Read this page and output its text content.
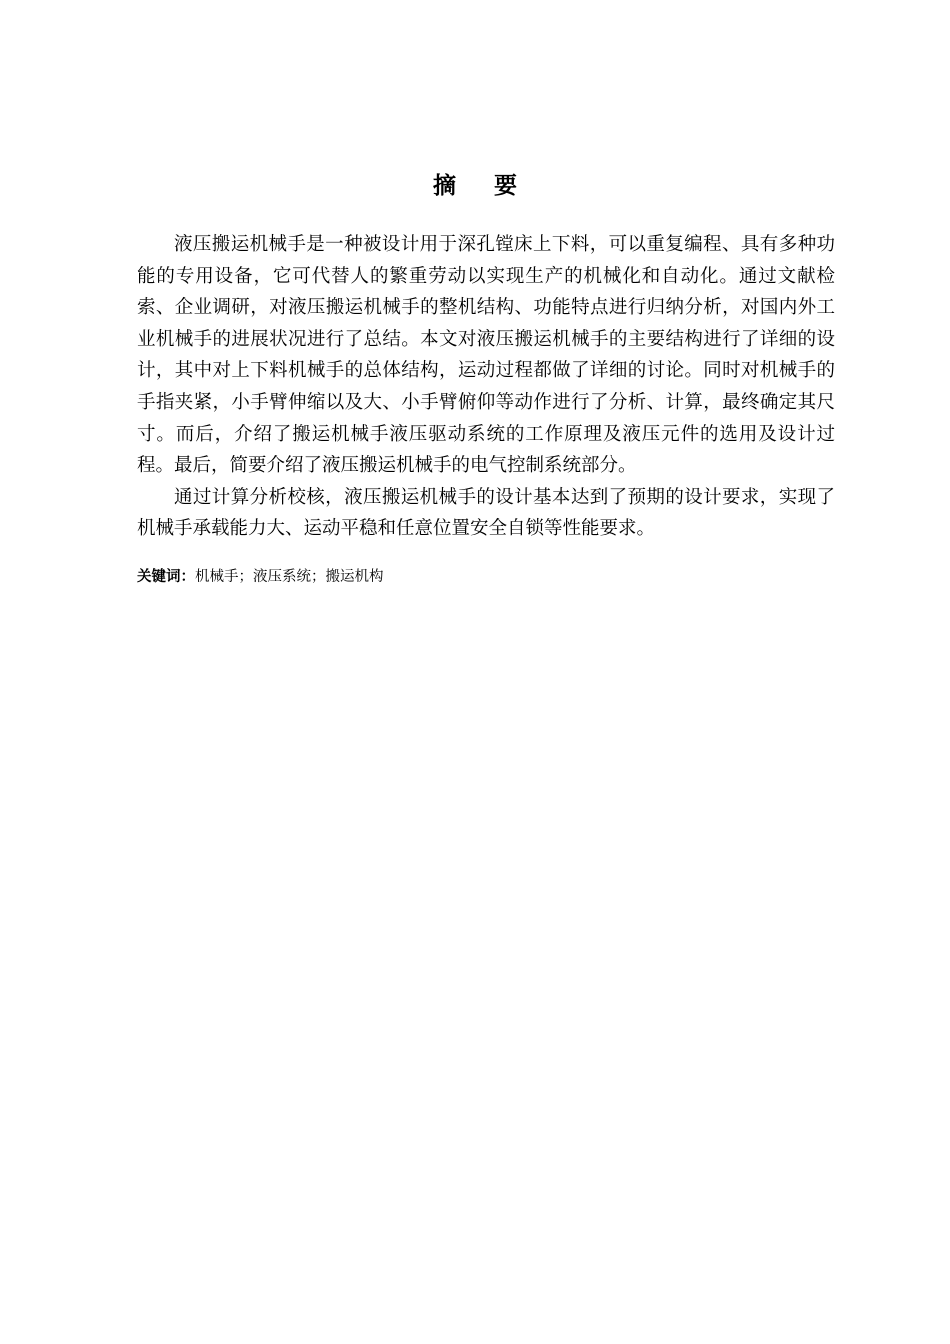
摘要

液压搬运机械手是一种被设计用于深孔镗床上下料，可以重复编程、具有多种功能的专用设备，它可代替人的繁重劳动以实现生产的机械化和自动化。通过文献检索、企业调研，对液压搬运机械手的整机结构、功能特点进行归纳分析，对国内外工业机械手的进展状况进行了总结。本文对液压搬运机械手的主要结构进行了详细的设计，其中对上下料机械手的总体结构，运动过程都做了详细的讨论。同时对机械手的手指夹紧，小手臂伸缩以及大、小手臂俯仰等动作进行了分析、计算，最终确定其尺寸。而后，介绍了搬运机械手液压驱动系统的工作原理及液压元件的选用及设计过程。最后，简要介绍了液压搬运机械手的电气控制系统部分。

通过计算分析校核，液压搬运机械手的设计基本达到了预期的设计要求，实现了机械手承载能力大、运动平稳和任意位置安全自锁等性能要求。

关键词：机械手；液压系统；搬运机构
